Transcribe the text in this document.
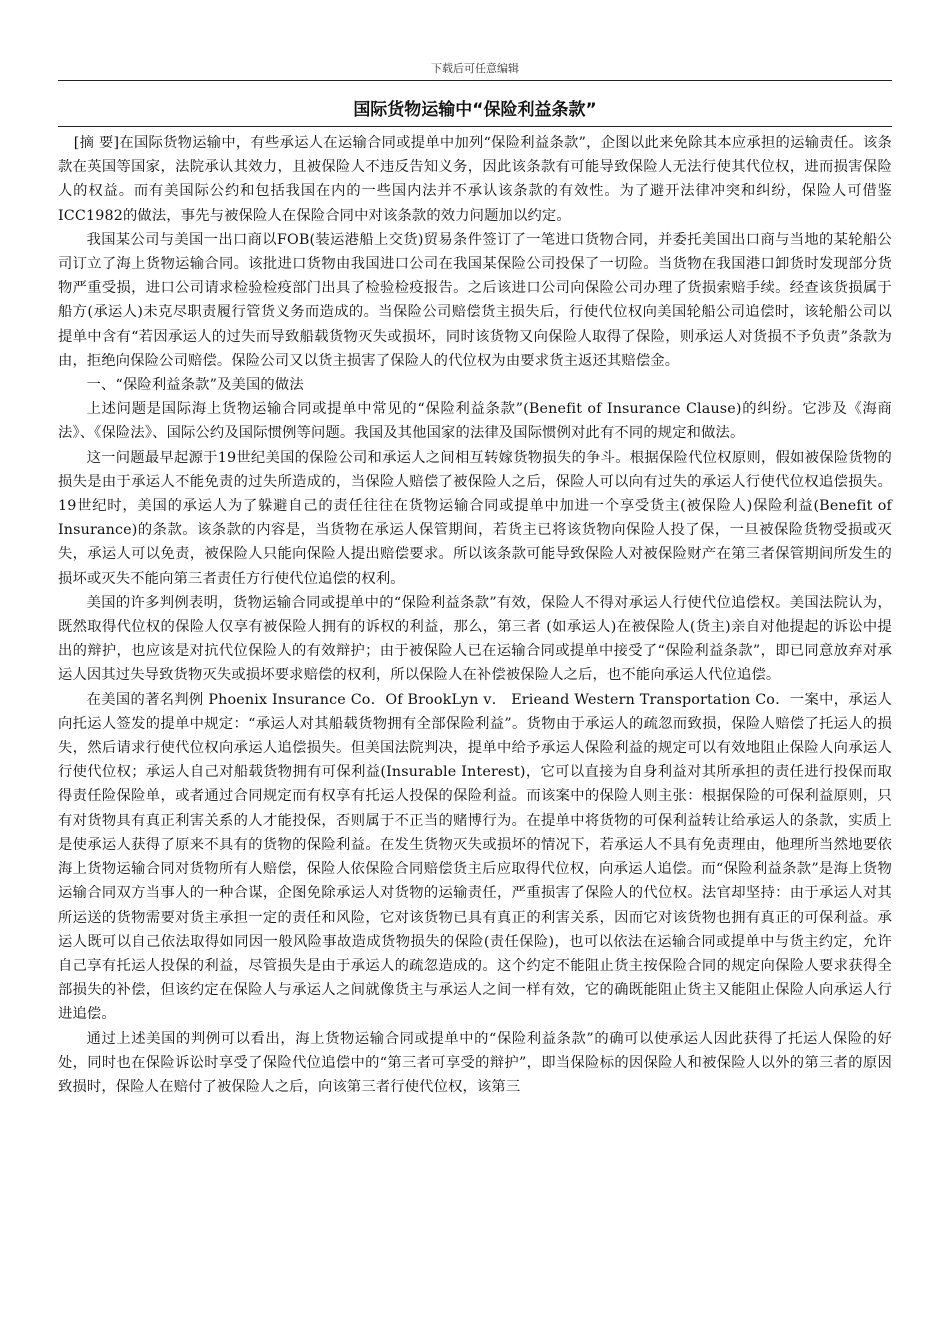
下载后可任意编辑
国际货物运输中“保险利益条款”

[摘 要]在国际货物运输中，有些承运人在运输合同或提单中加列“保险利益条款”，企图以此来免除其本应承担的运输责任。该条款在英国等国家，法院承认其效力，且被保险人不违反告知义务，因此该条款有可能导致保险人无法行使其代位权，进而损害保险人的权益。而有美国际公约和包括我国在内的一些国内法并不承认该条款的有效性。为了避开法律冲突和纠纷，保险人可借鉴ICC1982的做法，事先与被保险人在保险合同中对该条款的效力问题加以约定。

我国某公司与美国一出口商以FOB(装运港船上交货)贸易条件签订了一笔进口货物合同，并委托美国出口商与当地的某轮船公司订立了海上货物运输合同。该批进口货物由我国进口公司在我国某保险公司投保了一切险。当货物在我国港口卸货时发现部分货物严重受损，进口公司请求检验检疫部门出具了检验检疫报告。之后该进口公司向保险公司办理了货损索赔手续。经查该货损属于船方(承运人)未克尽职责履行管货义务而造成的。当保险公司赔偿货主损失后，行使代位权向美国轮船公司追偿时，该轮船公司以提单中含有“若因承运人的过失而导致船载货物灭失或损坏，同时该货物又向保险人取得了保险，则承运人对货损不予负责”条款为由，拒绝向保险公司赔偿。保险公司又以货主损害了保险人的代位权为由要求货主返还其赔偿金。

一、“保险利益条款”及美国的做法

上述问题是国际海上货物运输合同或提单中常见的“保险利益条款”(Benefit of Insurance Clause)的纠纷。它涉及《海商法》、《保险法》、国际公约及国际惯例等问题。我国及其他国家的法律及国际惯例对此有不同的规定和做法。

这一问题最早起源于19世纪美国的保险公司和承运人之间相互转嫁货物损失的争斗。根据保险代位权原则，假如被保险货物的损失是由于承运人不能免责的过失所造成的，当保险人赔偿了被保险人之后，保险人可以向有过失的承运人行使代位权追偿损失。19世纪时，美国的承运人为了躲避自己的责任往往在货物运输合同或提单中加进一个享受货主(被保险人)保险利益(Benefit of Insurance)的条款。该条款的内容是，当货物在承运人保管期间，若货主已将该货物向保险人投了保，一旦被保险货物受损或灭失，承运人可以免责，被保险人只能向保险人提出赔偿要求。所以该条款可能导致保险人对被保险财产在第三者保管期间所发生的损坏或灭失不能向第三者责任方行使代位追偿的权利。

美国的许多判例表明，货物运输合同或提单中的“保险利益条款”有效，保险人不得对承运人行使代位追偿权。美国法院认为，既然取得代位权的保险人仅享有被保险人拥有的诉权的利益，那么，第三者 (如承运人)在被保险人(货主)亲自对他提起的诉讼中提出的辩护，也应该是对抗代位保险人的有效辩护；由于被保险人已在运输合同或提单中接受了“保险利益条款”，即已同意放弃对承运人因其过失导致货物灭失或损坏要求赔偿的权利，所以保险人在补偿被保险人之后，也不能向承运人代位追偿。

在美国的著名判例 Phoenix Insurance Co．Of BrookLyn v． Erieand Western Transportation Co．一案中，承运人向托运人签发的提单中规定：“承运人对其船载货物拥有全部保险利益”。货物由于承运人的疏忽而致损，保险人赔偿了托运人的损失，然后请求行使代位权向承运人追偿损失。但美国法院判决，提单中给予承运人保险利益的规定可以有效地阻止保险人向承运人行使代位权；承运人自己对船载货物拥有可保利益(Insurable Interest)，它可以直接为自身利益对其所承担的责任进行投保而取得责任险保险单，或者通过合同规定而有权享有托运人投保的保险利益。而该案中的保险人则主张：根据保险的可保利益原则，只有对货物具有真正利害关系的人才能投保，否则属于不正当的赌博行为。在提单中将货物的可保利益转让给承运人的条款，实质上是使承运人获得了原来不具有的货物的保险利益。在发生货物灭失或损坏的情况下，若承运人不具有免责理由，他理所当然地要依海上货物运输合同对货物所有人赔偿，保险人依保险合同赔偿货主后应取得代位权，向承运人追偿。而“保险利益条款”是海上货物运输合同双方当事人的一种合谋，企图免除承运人对货物的运输责任，严重损害了保险人的代位权。法官却坚持：由于承运人对其所运送的货物需要对货主承担一定的责任和风险，它对该货物已具有真正的利害关系，因而它对该货物也拥有真正的可保利益。承运人既可以自己依法取得如同因一般风险事故造成货物损失的保险(责任保险)，也可以依法在运输合同或提单中与货主约定，允许自己享有托运人投保的利益，尽管损失是由于承运人的疏忽造成的。这个约定不能阻止货主按保险合同的规定向保险人要求获得全部损失的补偿，但该约定在保险人与承运人之间就像货主与承运人之间一样有效，它的确既能阻止货主又能阻止保险人向承运人行进追偿。

通过上述美国的判例可以看出，海上货物运输合同或提单中的“保险利益条款”的确可以使承运人因此获得了托运人保险的好处，同时也在保险诉讼时享受了保险代位追偿中的“第三者可享受的辩护”，即当保险标的因保险人和被保险人以外的第三者的原因致损时，保险人在赔付了被保险人之后，向该第三者行使代位权，该第三
